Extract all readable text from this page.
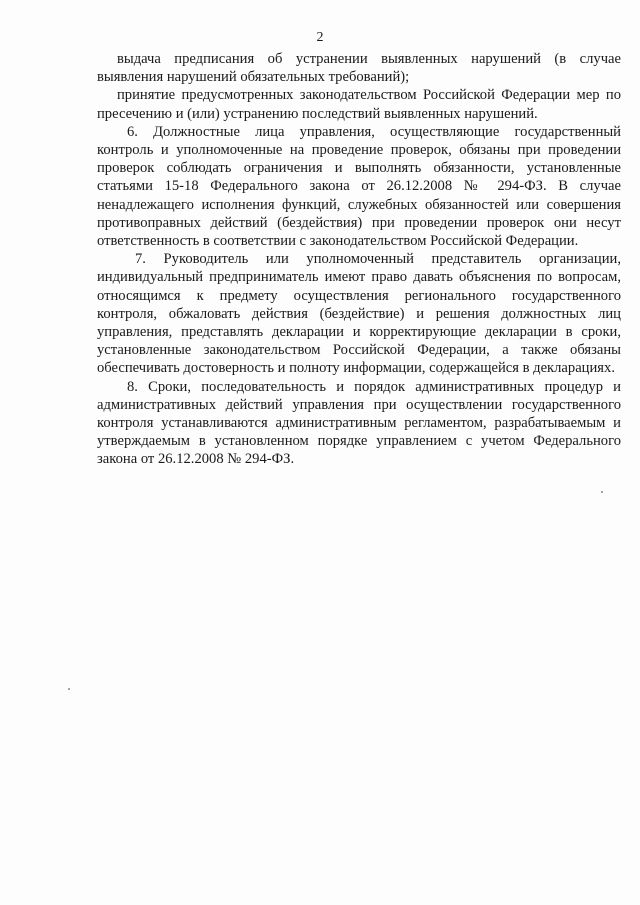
2

выдача предписания об устранении выявленных нарушений (в случае выявления нарушений обязательных требований);

принятие предусмотренных законодательством Российской Федерации мер по пресечению и (или) устранению последствий выявленных нарушений.

6. Должностные лица управления, осуществляющие государственный контроль и уполномоченные на проведение проверок, обязаны при проведении проверок соблюдать ограничения и выполнять обязанности, установленные статьями 15-18 Федерального закона от 26.12.2008 № 294-ФЗ. В случае ненадлежащего исполнения функций, служебных обязанностей или совершения противоправных действий (бездействия) при проведении проверок они несут ответственность в соответствии с законодательством Российской Федерации.

7. Руководитель или уполномоченный представитель организации, индивидуальный предприниматель имеют право давать объяснения по вопросам, относящимся к предмету осуществления регионального государственного контроля, обжаловать действия (бездействие) и решения должностных лиц управления, представлять декларации и корректирующие декларации в сроки, установленные законодательством Российской Федерации, а также обязаны обеспечивать достоверность и полноту информации, содержащейся в декларациях.

8. Сроки, последовательность и порядок административных процедур и административных действий управления при осуществлении государственного контроля устанавливаются административным регламентом, разрабатываемым и утверждаемым в установленном порядке управлением с учетом Федерального закона от 26.12.2008 № 294-ФЗ.
